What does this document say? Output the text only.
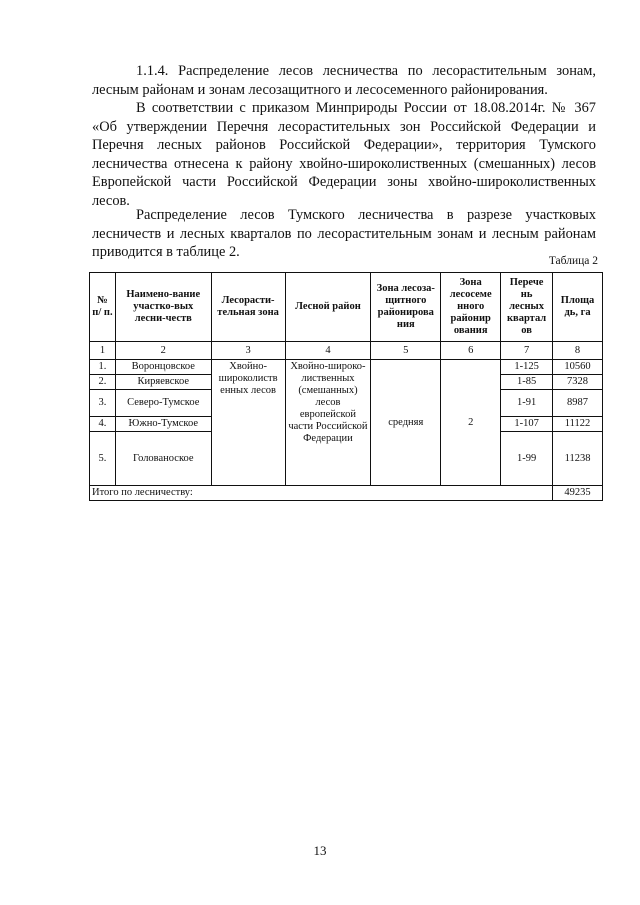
1.1.4. Распределение лесов лесничества по лесорастительным зонам, лесным районам и зонам лесозащитного и лесосеменного районирования.

В соответствии с приказом Минприроды России от 18.08.2014г. № 367 «Об утверждении Перечня лесорастительных зон Российской Федерации и Перечня лесных районов Российской Федерации», территория Тумского лесничества отнесена к району хвойно-широколиственных (смешанных) лесов Европейской части Российской Федерации зоны хвойно-широколиственных лесов.

Распределение лесов Тумского лесничества в разрезе участковых лесничеств и лесных кварталов по лесорастительным зонам и лесным районам приводится в таблице 2.

Таблица 2
№ п/ п.	Наимено-вание участко-вых лесни-честв	Лесорасти-тельная зона	Лесной район	Зона лесоза-щитного районирова ния	Зона лесосеме нного районир ования	Перече нь лесных квартал ов	Площа дь, га
1	2	3	4	5	6	7	8
1.	Воронцовское	Хвойно-широколиств енных лесов	Хвойно-широко-лиственных (смешанных) лесов европейской части Российской Федерации	средняя	2	1-125	10560
2.	Киряевское					1-85	7328
3.	Северо-Тумское					1-91	8987
4.	Южно-Тумское					1-107	11122
5.	Голованоское					1-99	11238
Итого по лесничеству:							49235
13
